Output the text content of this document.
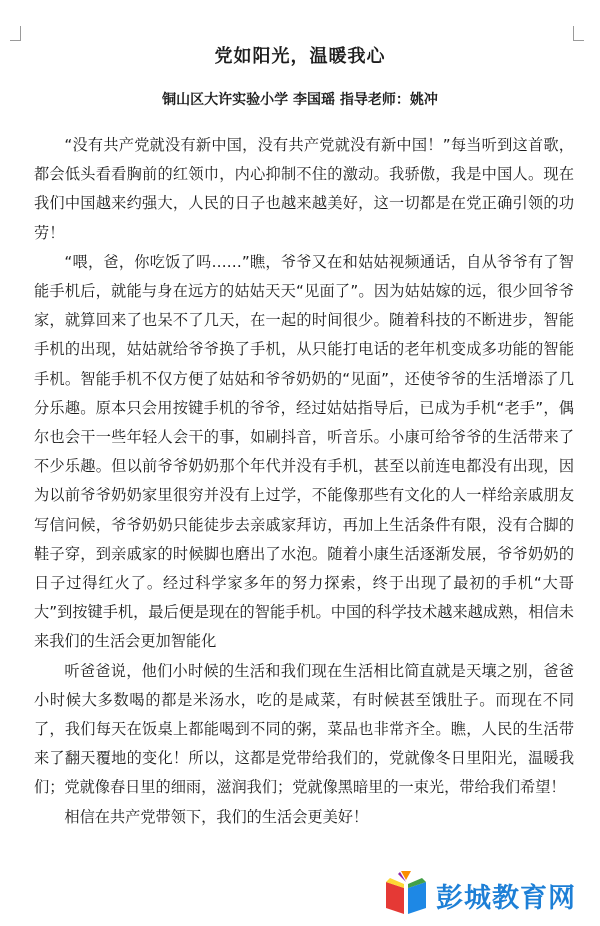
党如阳光，温暖我心
铜山区大许实验小学 李国瑶 指导老师：姚冲

“没有共产党就没有新中国，没有共产党就没有新中国！”每当听到这首歌，都会低头看看胸前的红领巾，内心抑制不住的激动。我骄傲，我是中国人。现在我们中国越来约强大，人民的日子也越来越美好，这一切都是在党正确引领的功劳！

“喂，爸，你吃饭了吗……”瞧，爷爷又在和姑姑视频通话，自从爷爷有了智能手机后，就能与身在远方的姑姑天天“见面了”。因为姑姑嫁的远，很少回爷爷家，就算回来了也呆不了几天，在一起的时间很少。随着科技的不断进步，智能手机的出现，姑姑就给爷爷换了手机，从只能打电话的老年机变成多功能的智能手机。智能手机不仅方便了姑姑和爷爷奶奶的“见面”，还使爷爷的生活增添了几分乐趣。原本只会用按键手机的爷爷，经过姑姑指导后，已成为手机“老手”，偶尔也会干一些年轻人会干的事，如刷抖音，听音乐。小康可给爷爷的生活带来了不少乐趣。但以前爷爷奶奶那个年代并没有手机，甚至以前连电都没有出现，因为以前爷爷奶奶家里很穷并没有上过学，不能像那些有文化的人一样给亲戚朋友写信问候，爷爷奶奶只能徒步去亲戚家拜访，再加上生活条件有限，没有合脚的鞋子穿，到亲戚家的时候脚也磨出了水泡。随着小康生活逐渐发展，爷爷奶奶的日子过得红火了。经过科学家多年的努力探索，终于出现了最初的手机“大哥大”到按键手机，最后便是现在的智能手机。中国的科学技术越来越成熟，相信未来我们的生活会更加智能化

听爸爸说，他们小时候的生活和我们现在生活相比简直就是天壤之别，爸爸小时候大多数喝的都是米汤水，吃的是咸菜，有时候甚至饿肚子。而现在不同了，我们每天在饭桌上都能喝到不同的粥，菜品也非常齐全。瞧，人民的生活带来了翻天覆地的变化！所以，这都是党带给我们的，党就像冬日里阳光，温暖我们；党就像春日里的细雨，滋润我们；党就像黑暗里的一束光，带给我们希望！

相信在共产党带领下，我们的生活会更美好！

彭城教育网
